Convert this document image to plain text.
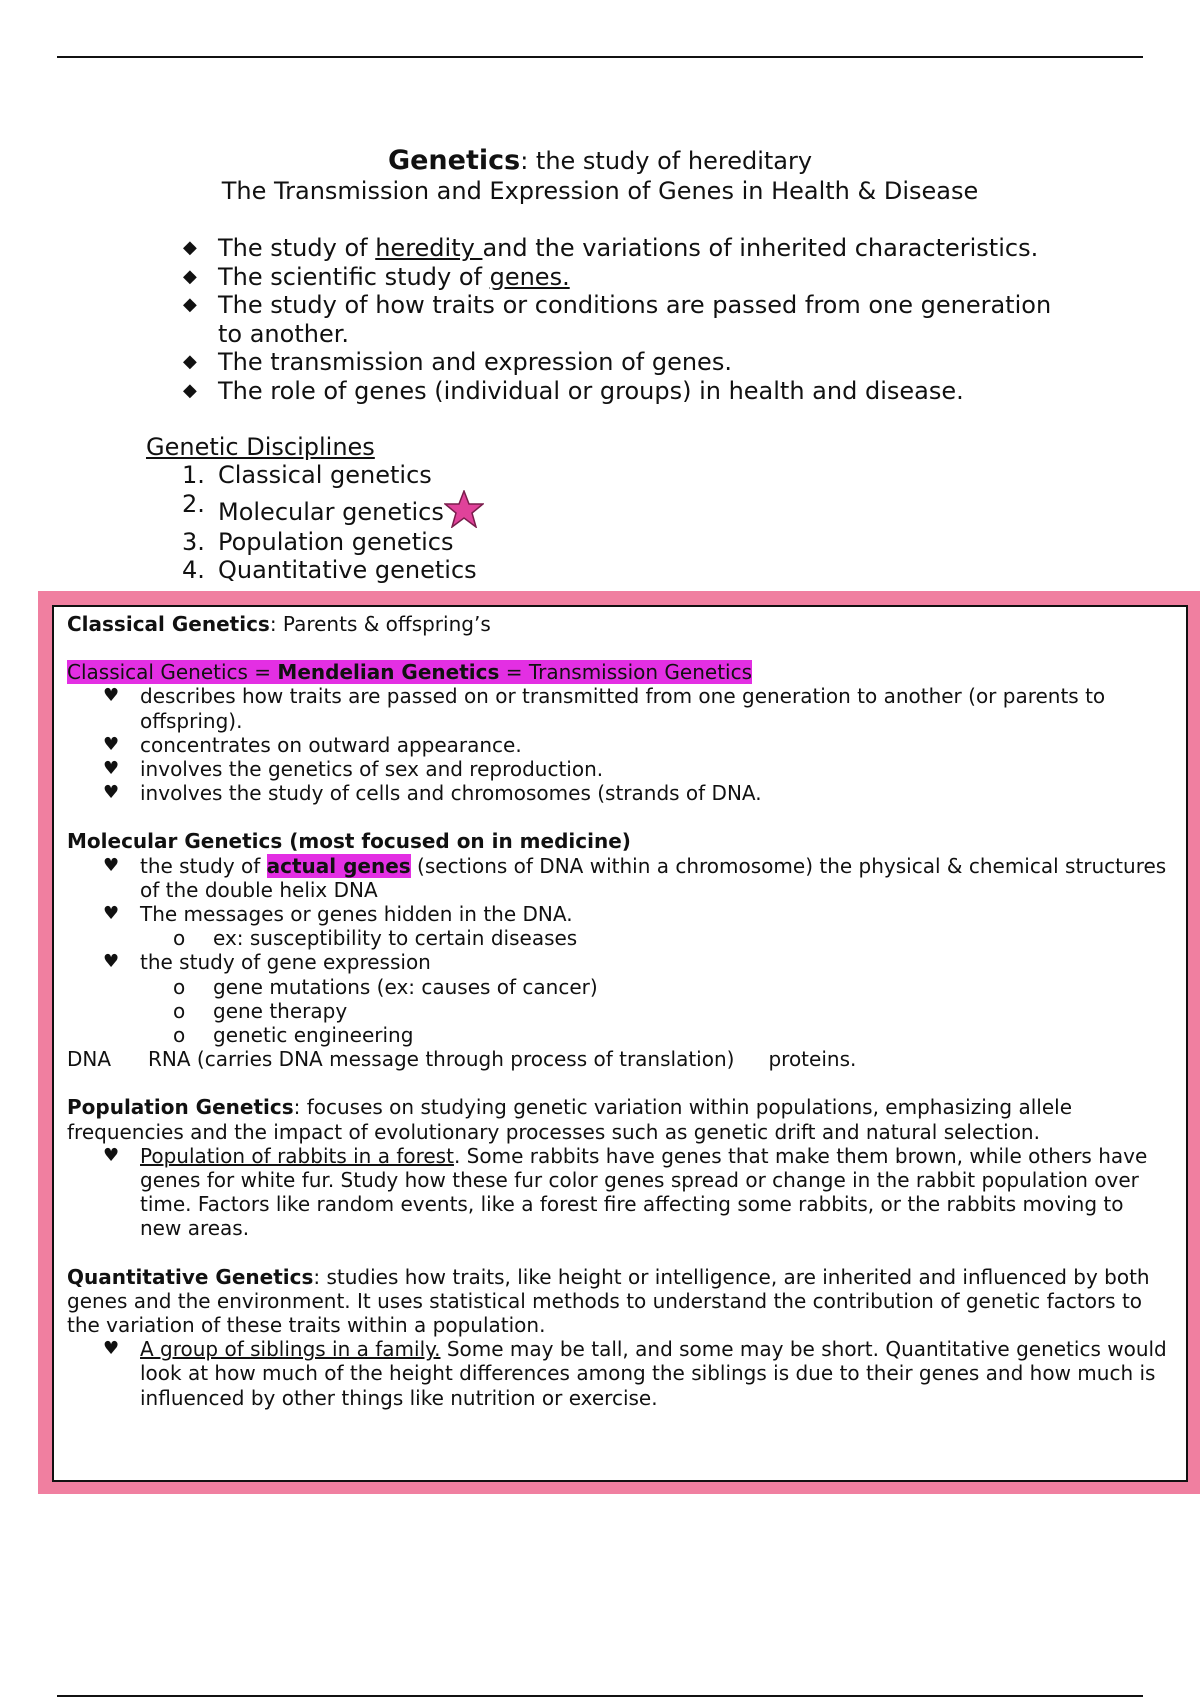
Genetics: the study of hereditary
The Transmission and Expression of Genes in Health & Disease
◆ The study of heredity and the variations of inherited characteristics.
◆ The scientific study of genes.
◆ The study of how traits or conditions are passed from one generation to another.
◆ The transmission and expression of genes.
◆ The role of genes (individual or groups) in health and disease.
Genetic Disciplines
1. Classical genetics
2. Molecular genetics
3. Population genetics
4. Quantitative genetics

Classical Genetics: Parents & offspring’s

Classical Genetics = Mendelian Genetics = Transmission Genetics

♥ describes how traits are passed on or transmitted from one generation to another (or parents to offspring).
♥ concentrates on outward appearance.
♥ involves the genetics of sex and reproduction.
♥ involves the study of cells and chromosomes (strands of DNA.

Molecular Genetics (most focused on in medicine)

♥ the study of actual genes (sections of DNA within a chromosome) the physical & chemical structures of the double helix DNA
♥ The messages or genes hidden in the DNA.
o ex: susceptibility to certain diseases
♥ the study of gene expression
o gene mutations (ex: causes of cancer)
o gene therapy
o genetic engineering

DNA RNA (carries DNA message through process of translation) proteins.

Population Genetics: focuses on studying genetic variation within populations, emphasizing allele frequencies and the impact of evolutionary processes such as genetic drift and natural selection.

♥ Population of rabbits in a forest. Some rabbits have genes that make them brown, while others have genes for white fur. Study how these fur color genes spread or change in the rabbit population over time. Factors like random events, like a forest fire affecting some rabbits, or the rabbits moving to new areas.

Quantitative Genetics: studies how traits, like height or intelligence, are inherited and influenced by both genes and the environment. It uses statistical methods to understand the contribution of genetic factors to the variation of these traits within a population.

♥ A group of siblings in a family. Some may be tall, and some may be short. Quantitative genetics would look at how much of the height differences among the siblings is due to their genes and how much is influenced by other things like nutrition or exercise.
